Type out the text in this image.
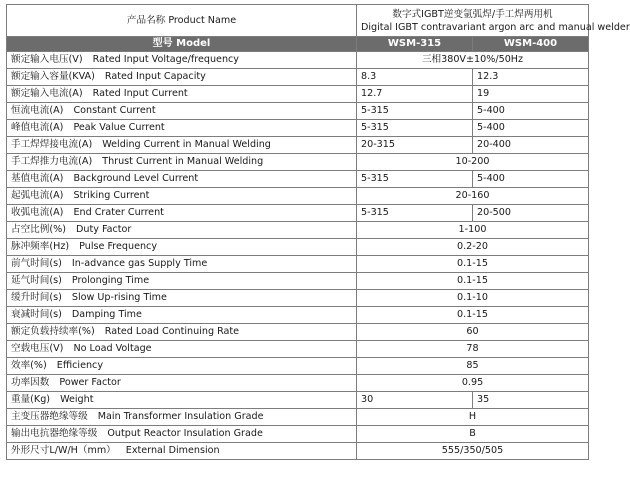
产品名称 Product Name	数字式IGBT逆变氩弧焊/手工焊两用机
Digital IGBT contravariant argon arc and manual welder	

型号 Model	WSM-315	WSM-400
额定输入电压(V) Rated Input Voltage/frequency	三相380V±10%/50Hz	
额定输入容量(KVA) Rated Input Capacity	8.3	12.3
额定输入电流(A) Rated Input Current	12.7	19
恒流电流(A) Constant Current	5-315	5-400
峰值电流(A) Peak Value Current	5-315	5-400
手工焊焊接电流(A) Welding Current in Manual Welding	20-315	20-400
手工焊推力电流(A) Thrust Current in Manual Welding	10-200	
基值电流(A) Background Level Current	5-315	5-400
起弧电流(A) Striking Current	20-160	
收弧电流(A) End Crater Current	5-315	20-500
占空比例(%) Duty Factor	1-100	
脉冲频率(Hz) Pulse Frequency	0.2-20	
前气时间(s) In-advance gas Supply Time	0.1-15	
延气时间(s) Prolonging Time	0.1-15	
缓升时间(s) Slow Up-rising Time	0.1-10	
衰减时间(s) Damping Time	0.1-15	
额定负载持续率(%) Rated Load Continuing Rate	60	
空载电压(V) No Load Voltage	78	
效率(%) Efficiency	85	
功率因数 Power Factor	0.95	
重量(Kg) Weight	30	35
主变压器绝缘等级 Main Transformer Insulation Grade	H	
输出电抗器绝缘等级 Output Reactor Insulation Grade	B	
外形尺寸L/W/H（mm） External Dimension	555/350/505	
